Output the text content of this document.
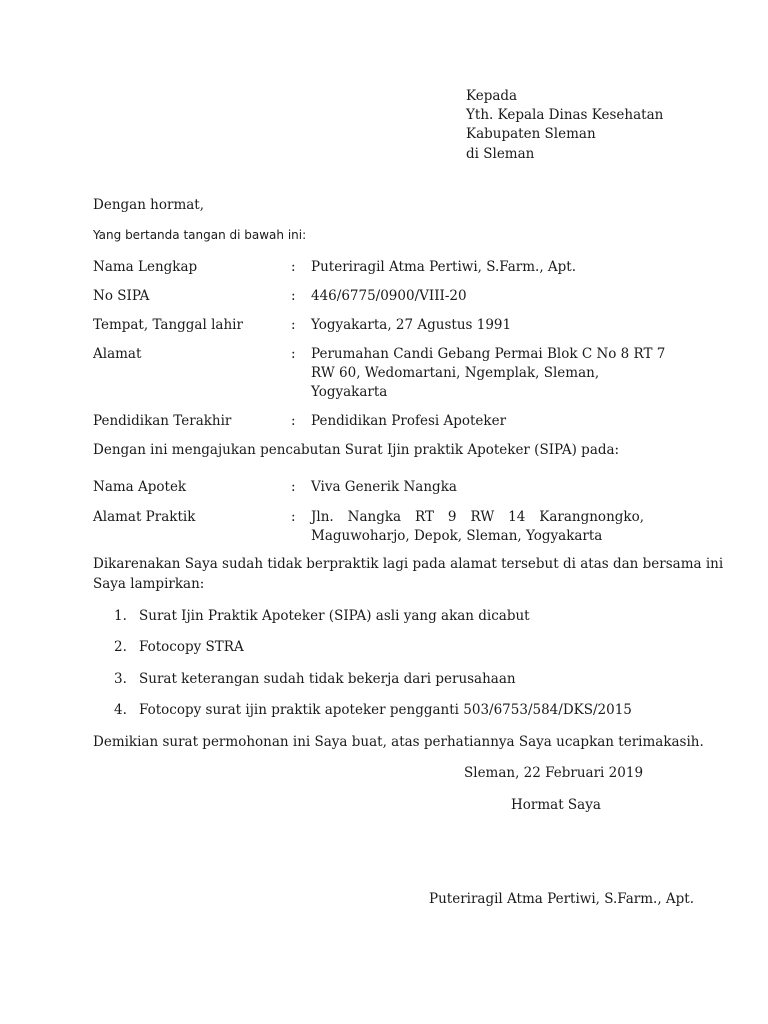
Kepada
Yth. Kepala Dinas Kesehatan
Kabupaten Sleman
di Sleman
Dengan hormat,
Yang bertanda tangan di bawah ini:
Nama Lengkap	: Puteriragil Atma Pertiwi, S.Farm., Apt.
No SIPA	: 446/6775/0900/VIII-20
Tempat, Tanggal lahir	: Yogyakarta, 27 Agustus 1991
Alamat	: Perumahan Candi Gebang Permai Blok C No 8 RT 7
RW 60, Wedomartani, Ngemplak, Sleman,
Yogyakarta
Pendidikan Terakhir	: Pendidikan Profesi Apoteker
Dengan ini mengajukan pencabutan Surat Ijin praktik Apoteker (SIPA) pada:
Nama Apotek	: Viva Generik Nangka
Alamat Praktik	: Jln. Nangka RT 9 RW 14 Karangnongko,
Maguwoharjo, Depok, Sleman, Yogyakarta
Dikarenakan Saya sudah tidak berpraktik lagi pada alamat tersebut di atas dan bersama ini
Saya lampirkan:
1. Surat Ijin Praktik Apoteker (SIPA) asli yang akan dicabut
2. Fotocopy STRA
3. Surat keterangan sudah tidak bekerja dari perusahaan
4. Fotocopy surat ijin praktik apoteker pengganti 503/6753/584/DKS/2015
Demikian surat permohonan ini Saya buat, atas perhatiannya Saya ucapkan terimakasih.
Sleman, 22 Februari 2019
Hormat Saya
Puteriragil Atma Pertiwi, S.Farm., Apt.
